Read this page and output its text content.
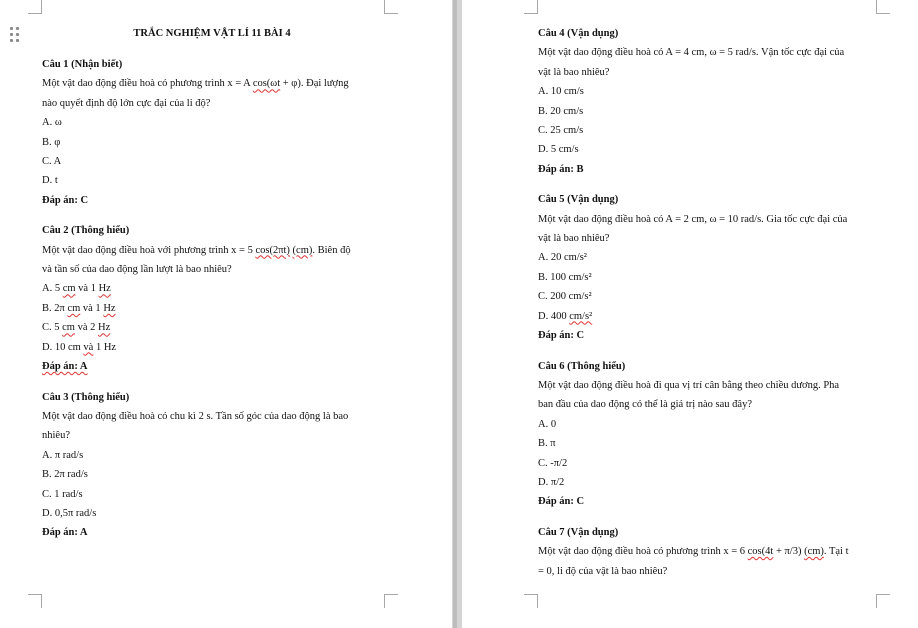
TRẮC NGHIỆM VẬT LÍ 11 BÀI 4

Câu 1 (Nhận biết)

Một vật dao động điều hoà có phương trình x = A cos(ωt + φ). Đại lượng

nào quyết định độ lớn cực đại của li độ?

A. ω

B. φ

C. A

D. t

Đáp án: C

Câu 2 (Thông hiểu)

Một vật dao động điều hoà với phương trình x = 5 cos(2πt) (cm). Biên độ

và tần số của dao động lần lượt là bao nhiêu?

A. 5 cm và 1 Hz

B. 2π cm và 1 Hz

C. 5 cm và 2 Hz

D. 10 cm và 1 Hz

Đáp án: A

Câu 3 (Thông hiểu)

Một vật dao động điều hoà có chu kì 2 s. Tần số góc của dao động là bao

nhiêu?

A. π rad/s

B. 2π rad/s

C. 1 rad/s

D. 0,5π rad/s

Đáp án: A

Câu 4 (Vận dụng)

Một vật dao động điều hoà có A = 4 cm, ω = 5 rad/s. Vận tốc cực đại của

vật là bao nhiêu?

A. 10 cm/s

B. 20 cm/s

C. 25 cm/s

D. 5 cm/s

Đáp án: B

Câu 5 (Vận dụng)

Một vật dao động điều hoà có A = 2 cm, ω = 10 rad/s. Gia tốc cực đại của

vật là bao nhiêu?

A. 20 cm/s²

B. 100 cm/s²

C. 200 cm/s²

D. 400 cm/s²

Đáp án: C

Câu 6 (Thông hiểu)

Một vật dao động điều hoà đi qua vị trí cân bằng theo chiều dương. Pha

ban đầu của dao động có thể là giá trị nào sau đây?

A. 0

B. π

C. -π/2

D. π/2

Đáp án: C

Câu 7 (Vận dụng)

Một vật dao động điều hoà có phương trình x = 6 cos(4t + π/3) (cm). Tại t

= 0, li độ của vật là bao nhiêu?
